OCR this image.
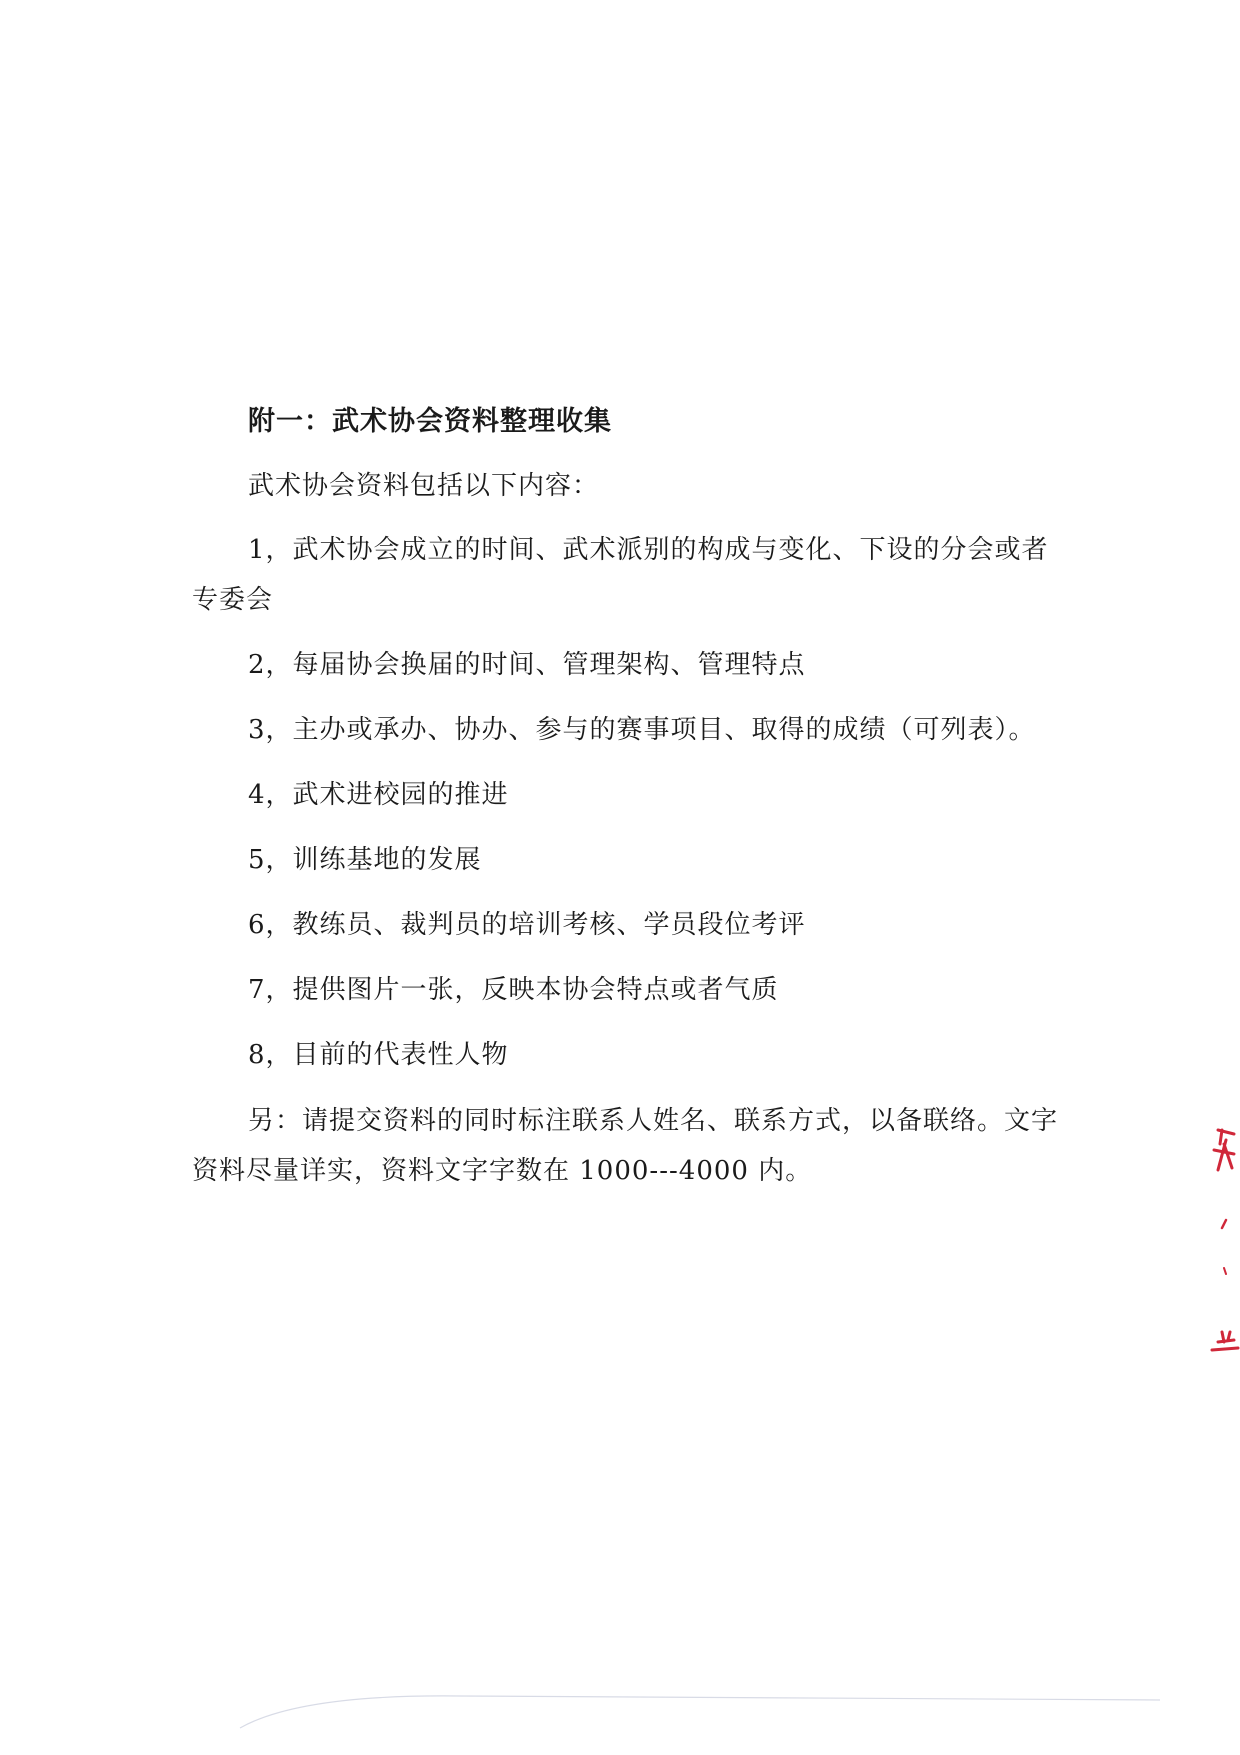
附一：武术协会资料整理收集

武术协会资料包括以下内容：

1，武术协会成立的时间、武术派别的构成与变化、下设的分会或者专委会

2，每届协会换届的时间、管理架构、管理特点

3，主办或承办、协办、参与的赛事项目、取得的成绩（可列表）。

4，武术进校园的推进

5，训练基地的发展

6，教练员、裁判员的培训考核、学员段位考评

7，提供图片一张，反映本协会特点或者气质

8，目前的代表性人物

另：请提交资料的同时标注联系人姓名、联系方式，以备联络。文字资料尽量详实，资料文字字数在 1000---4000 内。
